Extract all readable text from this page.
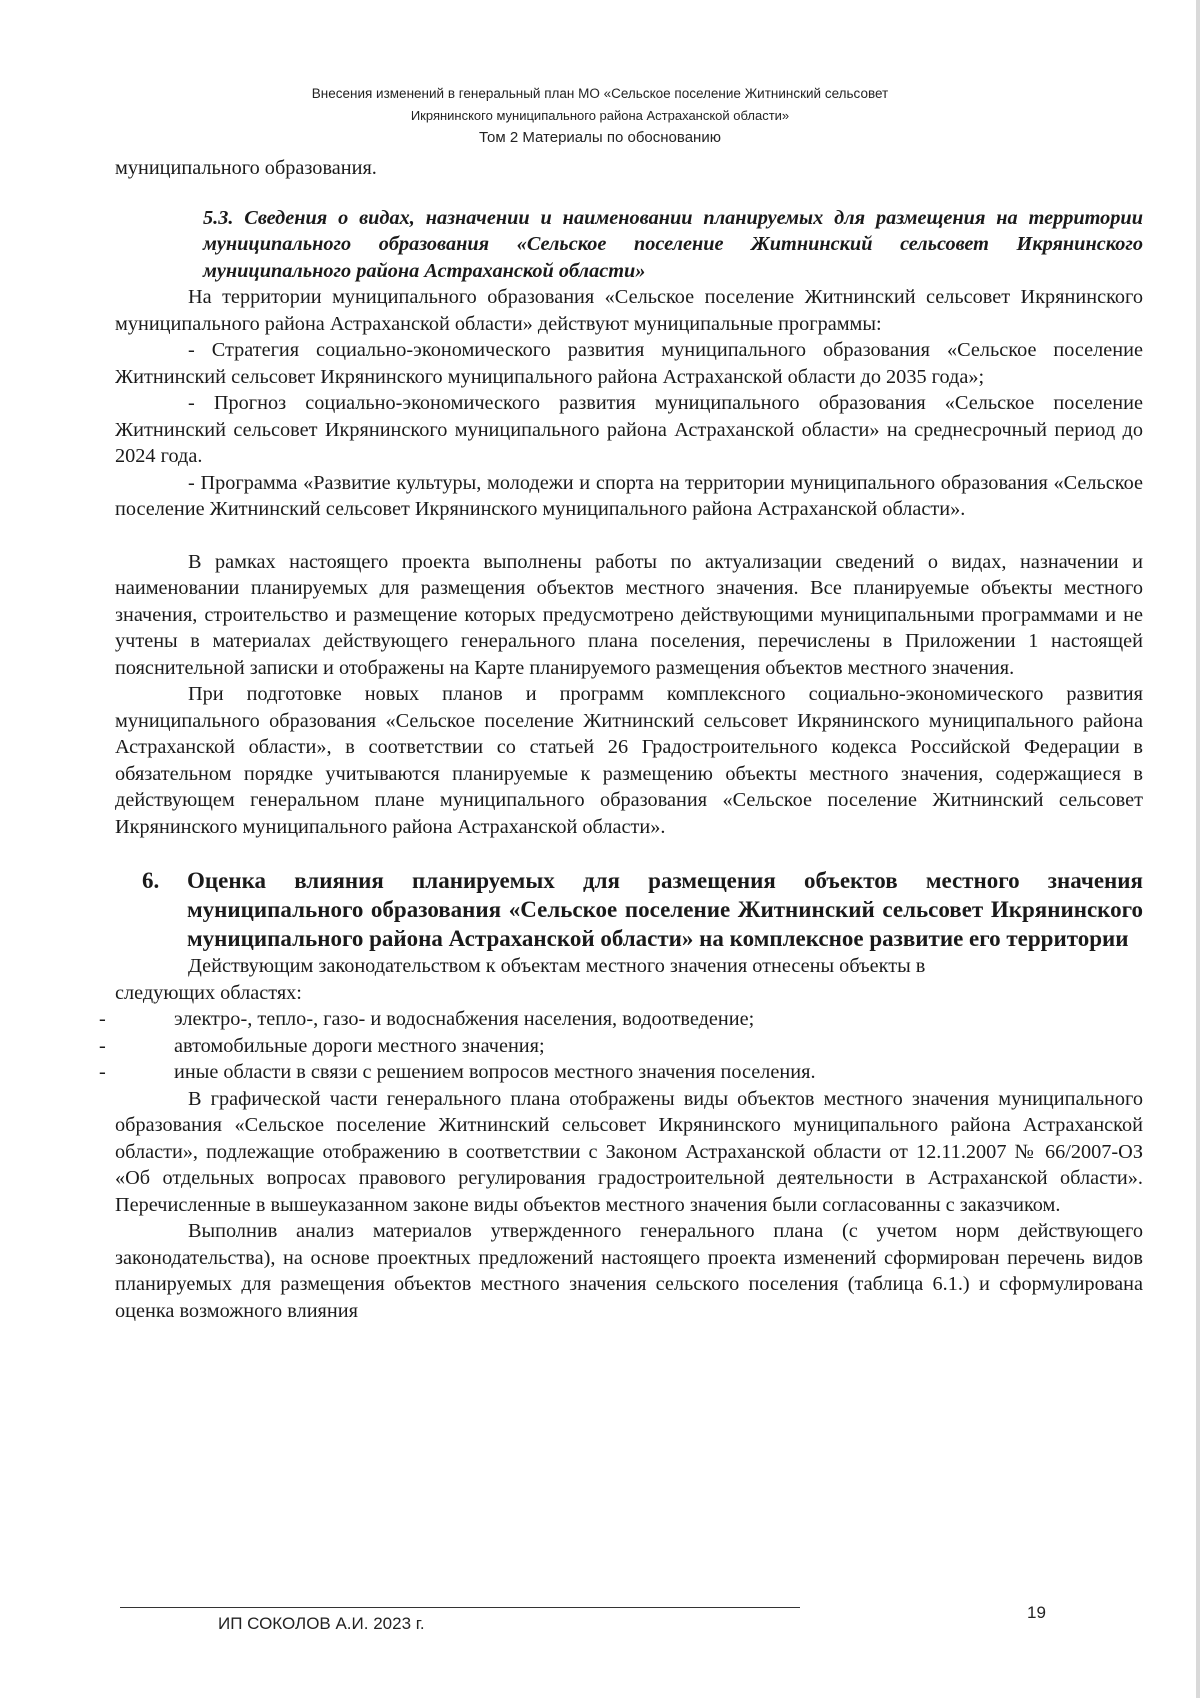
Внесения изменений в генеральный план МО «Сельское поселение Житнинский сельсовет
Икрянинского муниципального района Астраханской области»
Том 2 Материалы по обоснованию

муниципального образования.

5.3. Сведения о видах, назначении и наименовании планируемых для размещения на территории муниципального образования «Сельское поселение Житнинский сельсовет Икрянинского муниципального района Астраханской области»

На территории муниципального образования «Сельское поселение Житнинский сельсовет Икрянинского муниципального района Астраханской области» действуют муниципальные программы:

- Стратегия социально-экономического развития муниципального образования «Сельское поселение Житнинский сельсовет Икрянинского муниципального района Астраханской области до 2035 года»;

- Прогноз социально-экономического развития муниципального образования «Сельское поселение Житнинский сельсовет Икрянинского муниципального района Астраханской области» на среднесрочный период до 2024 года.

- Программа «Развитие культуры, молодежи и спорта на территории муниципального образования «Сельское поселение Житнинский сельсовет Икрянинского муниципального района Астраханской области».

В рамках настоящего проекта выполнены работы по актуализации сведений о видах, назначении и наименовании планируемых для размещения объектов местного значения. Все планируемые объекты местного значения, строительство и размещение которых предусмотрено действующими муниципальными программами и не учтены в материалах действующего генерального плана поселения, перечислены в Приложении 1 настоящей пояснительной записки и отображены на Карте планируемого размещения объектов местного значения.

При подготовке новых планов и программ комплексного социально-экономического развития муниципального образования «Сельское поселение Житнинский сельсовет Икрянинского муниципального района Астраханской области», в соответствии со статьей 26 Градостроительного кодекса Российской Федерации в обязательном порядке учитываются планируемые к размещению объекты местного значения, содержащиеся в действующем генеральном плане муниципального образования «Сельское поселение Житнинский сельсовет Икрянинского муниципального района Астраханской области».

6. Оценка влияния планируемых для размещения объектов местного значения муниципального образования «Сельское поселение Житнинский сельсовет Икрянинского муниципального района Астраханской области» на комплексное развитие его территории

Действующим законодательством к объектам местного значения отнесены объекты в

следующих областях:

-	электро-, тепло-, газо- и водоснабжения населения, водоотведение;
-	автомобильные дороги местного значения;
-	иные области в связи с решением вопросов местного значения поселения.

В графической части генерального плана отображены виды объектов местного значения муниципального образования «Сельское поселение Житнинский сельсовет Икрянинского муниципального района Астраханской области», подлежащие отображению в соответствии с Законом Астраханской области от 12.11.2007 № 66/2007-ОЗ «Об отдельных вопросах правового регулирования градостроительной деятельности в Астраханской области». Перечисленные в вышеуказанном законе виды объектов местного значения были согласованны с заказчиком.

Выполнив анализ материалов утвержденного генерального плана (с учетом норм действующего законодательства), на основе проектных предложений настоящего проекта изменений сформирован перечень видов планируемых для размещения объектов местного значения сельского поселения (таблица 6.1.) и сформулирована оценка возможного влияния

ИП СОКОЛОВ А.И. 2023 г.
19
